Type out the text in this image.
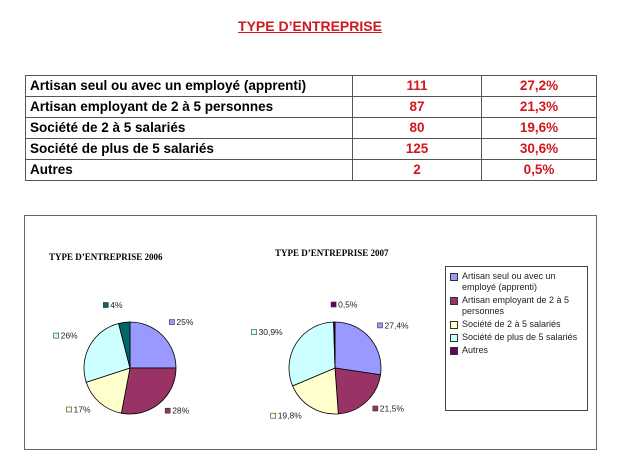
TYPE D’ENTREPRISE
Artisan seul ou avec un employé (apprenti)	111	27,2%
Artisan employant de 2 à 5 personnes	87	21,3%
Société de 2 à 5 salariés	80	19,6%
Société de plus de 5 salariés	125	30,6%
Autres	2	0,5%
TYPE D’ENTREPRISE 2006	TYPE D’ENTREPRISE 2007
25%
28%
17%
26%
4%
27,4%
21,5%
19,8%
30,9%
0,5%
Artisan seul ou avec un employé (apprenti)
Artisan employant de 2 à 5 personnes
Société de 2 à 5 salariés
Société de plus de 5 salariés
Autres
